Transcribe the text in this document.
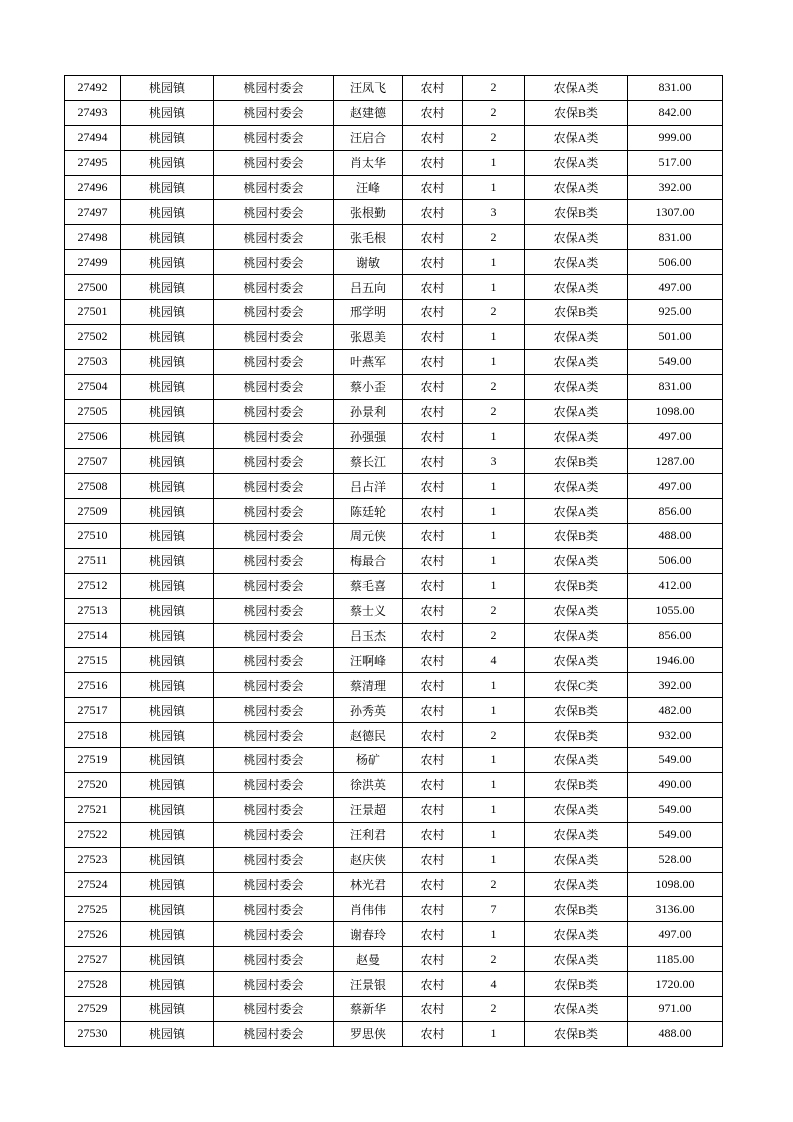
27492	桃园镇	桃园村委会	汪凤飞	农村	2	农保A类	831.00
27493	桃园镇	桃园村委会	赵建德	农村	2	农保B类	842.00
27494	桃园镇	桃园村委会	汪启合	农村	2	农保A类	999.00
27495	桃园镇	桃园村委会	肖太华	农村	1	农保A类	517.00
27496	桃园镇	桃园村委会	汪峰	农村	1	农保A类	392.00
27497	桃园镇	桃园村委会	张根勤	农村	3	农保B类	1307.00
27498	桃园镇	桃园村委会	张毛根	农村	2	农保A类	831.00
27499	桃园镇	桃园村委会	谢敏	农村	1	农保A类	506.00
27500	桃园镇	桃园村委会	吕五向	农村	1	农保A类	497.00
27501	桃园镇	桃园村委会	邢学明	农村	2	农保B类	925.00
27502	桃园镇	桃园村委会	张恩美	农村	1	农保A类	501.00
27503	桃园镇	桃园村委会	叶燕军	农村	1	农保A类	549.00
27504	桃园镇	桃园村委会	蔡小歪	农村	2	农保A类	831.00
27505	桃园镇	桃园村委会	孙景利	农村	2	农保A类	1098.00
27506	桃园镇	桃园村委会	孙强强	农村	1	农保A类	497.00
27507	桃园镇	桃园村委会	蔡长江	农村	3	农保B类	1287.00
27508	桃园镇	桃园村委会	吕占洋	农村	1	农保A类	497.00
27509	桃园镇	桃园村委会	陈廷轮	农村	1	农保A类	856.00
27510	桃园镇	桃园村委会	周元侠	农村	1	农保B类	488.00
27511	桃园镇	桃园村委会	梅最合	农村	1	农保A类	506.00
27512	桃园镇	桃园村委会	蔡毛喜	农村	1	农保B类	412.00
27513	桃园镇	桃园村委会	蔡士义	农村	2	农保A类	1055.00
27514	桃园镇	桃园村委会	吕玉杰	农村	2	农保A类	856.00
27515	桃园镇	桃园村委会	汪啊峰	农村	4	农保A类	1946.00
27516	桃园镇	桃园村委会	蔡清理	农村	1	农保C类	392.00
27517	桃园镇	桃园村委会	孙秀英	农村	1	农保B类	482.00
27518	桃园镇	桃园村委会	赵德民	农村	2	农保B类	932.00
27519	桃园镇	桃园村委会	杨矿	农村	1	农保A类	549.00
27520	桃园镇	桃园村委会	徐洪英	农村	1	农保B类	490.00
27521	桃园镇	桃园村委会	汪景超	农村	1	农保A类	549.00
27522	桃园镇	桃园村委会	汪利君	农村	1	农保A类	549.00
27523	桃园镇	桃园村委会	赵庆侠	农村	1	农保A类	528.00
27524	桃园镇	桃园村委会	林光君	农村	2	农保A类	1098.00
27525	桃园镇	桃园村委会	肖伟伟	农村	7	农保B类	3136.00
27526	桃园镇	桃园村委会	谢春玲	农村	1	农保A类	497.00
27527	桃园镇	桃园村委会	赵曼	农村	2	农保A类	1185.00
27528	桃园镇	桃园村委会	汪景银	农村	4	农保B类	1720.00
27529	桃园镇	桃园村委会	蔡新华	农村	2	农保A类	971.00
27530	桃园镇	桃园村委会	罗思侠	农村	1	农保B类	488.00
